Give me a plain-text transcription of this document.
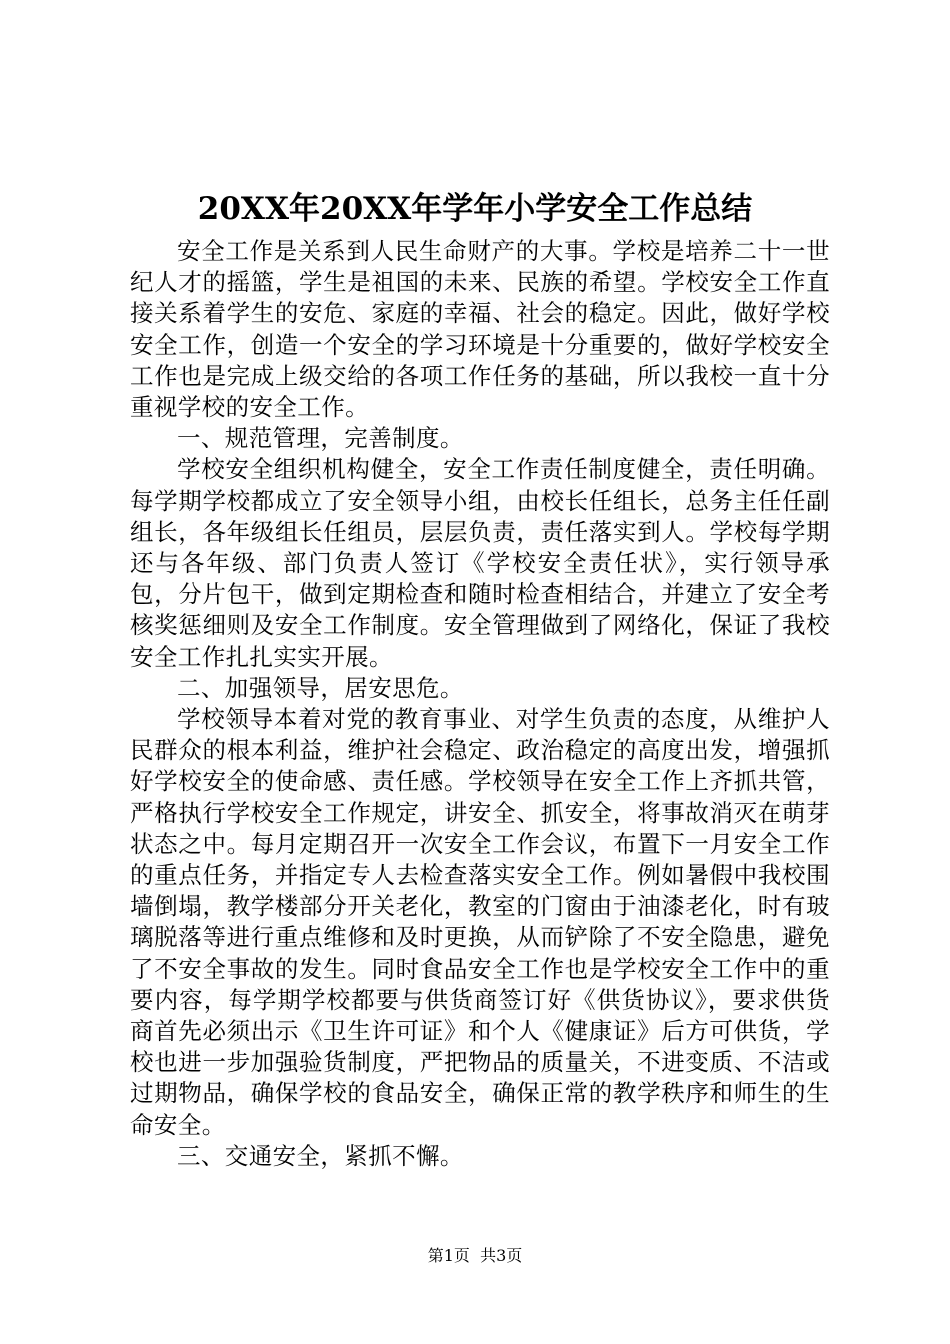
20XX年20XX年学年小学安全工作总结

安全工作是关系到人民生命财产的大事。学校是培养二十一世纪人才的摇篮，学生是祖国的未来、民族的希望。学校安全工作直接关系着学生的安危、家庭的幸福、社会的稳定。因此，做好学校安全工作，创造一个安全的学习环境是十分重要的，做好学校安全工作也是完成上级交给的各项工作任务的基础，所以我校一直十分重视学校的安全工作。

一、规范管理，完善制度。

学校安全组织机构健全，安全工作责任制度健全，责任明确。每学期学校都成立了安全领导小组，由校长任组长，总务主任任副组长，各年级组长任组员，层层负责，责任落实到人。学校每学期还与各年级、部门负责人签订《学校安全责任状》，实行领导承包，分片包干，做到定期检查和随时检查相结合，并建立了安全考核奖惩细则及安全工作制度。安全管理做到了网络化，保证了我校安全工作扎扎实实开展。

二、加强领导，居安思危。

学校领导本着对党的教育事业、对学生负责的态度，从维护人民群众的根本利益，维护社会稳定、政治稳定的高度出发，增强抓好学校安全的使命感、责任感。学校领导在安全工作上齐抓共管，严格执行学校安全工作规定，讲安全、抓安全，将事故消灭在萌芽状态之中。每月定期召开一次安全工作会议，布置下一月安全工作的重点任务，并指定专人去检查落实安全工作。例如暑假中我校围墙倒塌，教学楼部分开关老化，教室的门窗由于油漆老化，时有玻璃脱落等进行重点维修和及时更换，从而铲除了不安全隐患，避免了不安全事故的发生。同时食品安全工作也是学校安全工作中的重要内容，每学期学校都要与供货商签订好《供货协议》，要求供货商首先必须出示《卫生许可证》和个人《健康证》后方可供货，学校也进一步加强验货制度，严把物品的质量关，不进变质、不洁或过期物品，确保学校的食品安全，确保正常的教学秩序和师生的生命安全。

三、交通安全，紧抓不懈。

第1页 共3页
